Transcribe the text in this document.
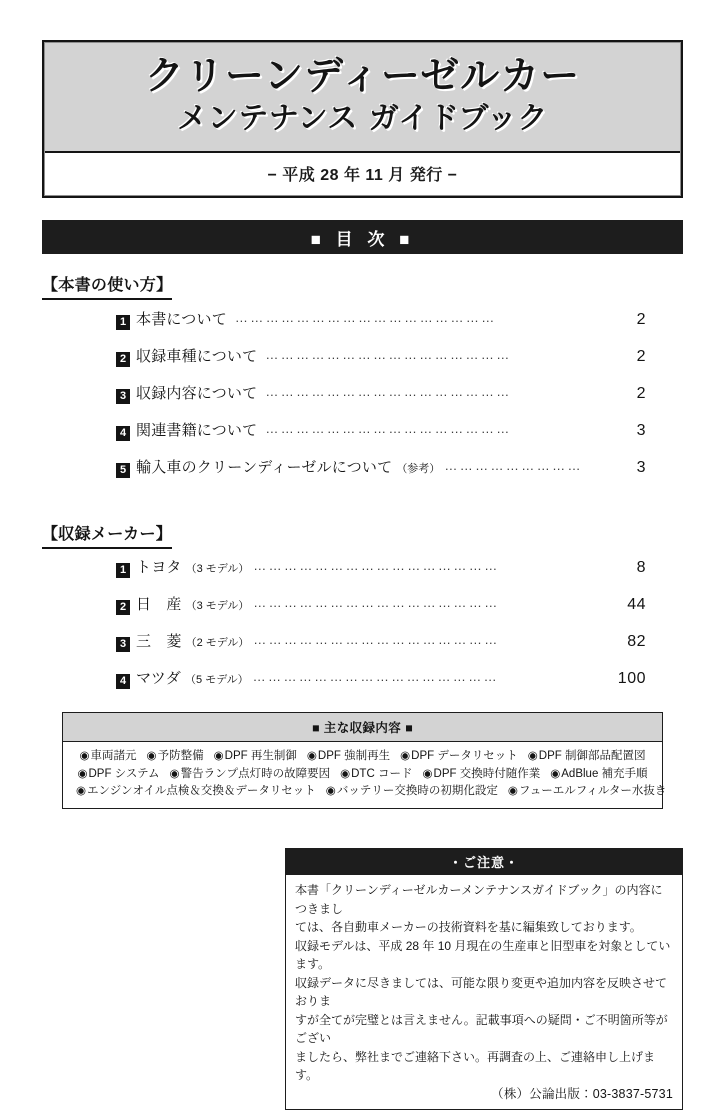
クリーンディーゼルカー
メンテナンス ガイドブック
− 平成 28 年 11 月 発行 −
■ 目 次 ■
【本書の使い方】
1 本書について ……………………………………………	2
2 収録車種について …………………………………………	2
3 収録内容について …………………………………………	2
4 関連書籍について …………………………………………	3
5 輸入車のクリーンディーゼルについて （参考） ………………………	3
【収録メーカー】
1 トヨタ （3 モデル） …………………………………………	8
2 日　産 （3 モデル） …………………………………………	44
3 三　菱 （2 モデル） …………………………………………	82
4 マツダ （5 モデル） …………………………………………	100
■ 主な収録内容 ■
◉車両諸元 ◉予防整備 ◉DPF 再生制御 ◉DPF 強制再生 ◉DPF データリセット ◉DPF 制御部品配置図
◉DPF システム ◉警告ランプ点灯時の故障要因 ◉DTC コード ◉DPF 交換時付随作業 ◉AdBlue 補充手順
◉エンジンオイル点検＆交換＆データリセット ◉バッテリー交換時の初期化設定 ◉フューエルフィルター水抜き
・ご注意・

本書「クリーンディーゼルカーメンテナンスガイドブック」の内容につきまし

ては、各自動車メーカーの技術資料を基に編集致しております。

収録モデルは、平成 28 年 10 月現在の生産車と旧型車を対象としています。

収録データに尽きましては、可能な限り変更や追加内容を反映させておりま

すが全てが完璧とは言えません。記載事項への疑問・ご不明箇所等がござい

ましたら、弊社までご連絡下さい。再調査の上、ご連絡申し上げます。

（株）公論出版：03-3837-5731
